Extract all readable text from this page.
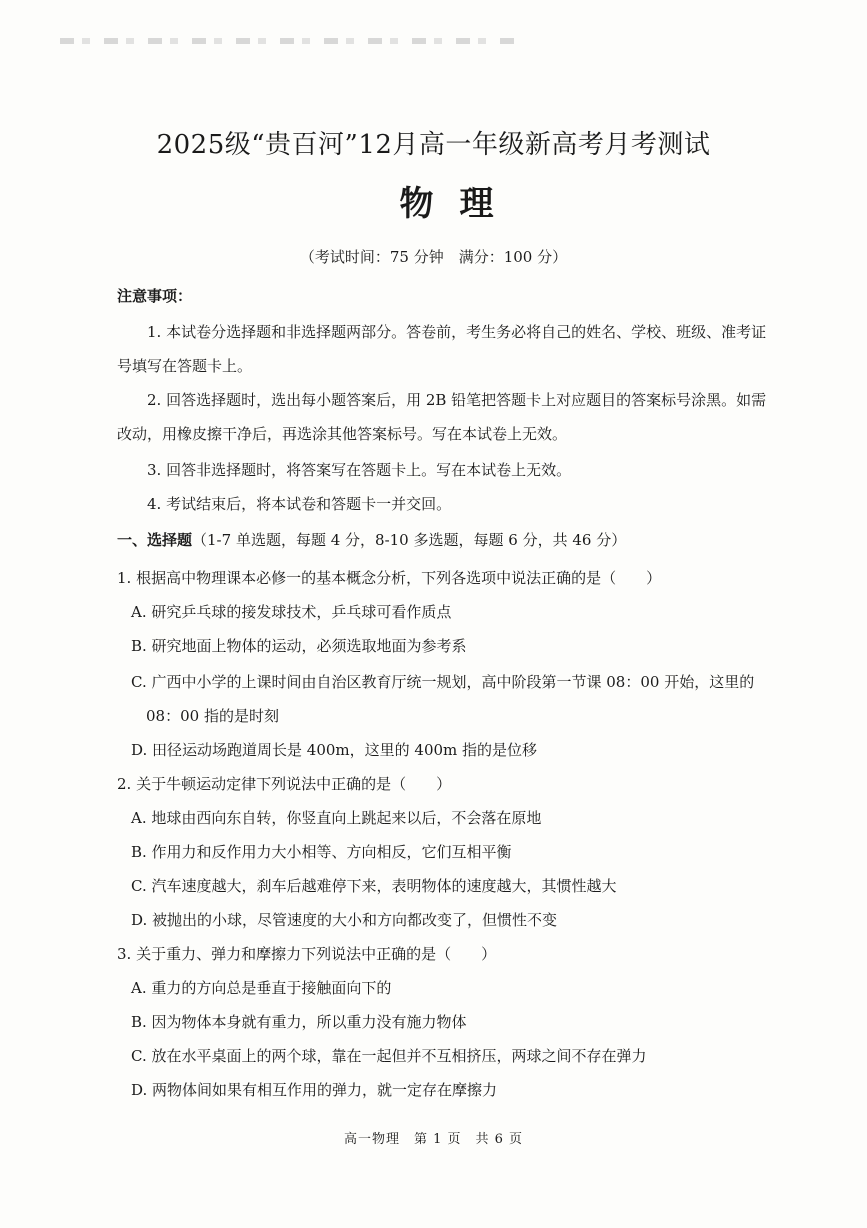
2025级“贵百河”12月高一年级新高考月考测试
物理
（考试时间：75 分钟　满分：100 分）
注意事项：
1. 本试卷分选择题和非选择题两部分。答卷前，考生务必将自己的姓名、学校、班级、准考证
号填写在答题卡上。
2. 回答选择题时，选出每小题答案后，用 2B 铅笔把答题卡上对应题目的答案标号涂黑。如需
改动，用橡皮擦干净后，再选涂其他答案标号。写在本试卷上无效。
3. 回答非选择题时，将答案写在答题卡上。写在本试卷上无效。
4. 考试结束后，将本试卷和答题卡一并交回。
一、选择题（1-7 单选题，每题 4 分，8-10 多选题，每题 6 分，共 46 分）
1. 根据高中物理课本必修一的基本概念分析，下列各选项中说法正确的是（　　）
A. 研究乒乓球的接发球技术，乒乓球可看作质点
B. 研究地面上物体的运动，必须选取地面为参考系
C. 广西中小学的上课时间由自治区教育厅统一规划，高中阶段第一节课 08：00 开始，这里的
08：00 指的是时刻
D. 田径运动场跑道周长是 400m，这里的 400m 指的是位移
2. 关于牛顿运动定律下列说法中正确的是（　　）
A. 地球由西向东自转，你竖直向上跳起来以后，不会落在原地
B. 作用力和反作用力大小相等、方向相反，它们互相平衡
C. 汽车速度越大，刹车后越难停下来，表明物体的速度越大，其惯性越大
D. 被抛出的小球，尽管速度的大小和方向都改变了，但惯性不变
3. 关于重力、弹力和摩擦力下列说法中正确的是（　　）
A. 重力的方向总是垂直于接触面向下的
B. 因为物体本身就有重力，所以重力没有施力物体
C. 放在水平桌面上的两个球，靠在一起但并不互相挤压，两球之间不存在弹力
D. 两物体间如果有相互作用的弹力，就一定存在摩擦力
高一物理　第 1 页　共 6 页
